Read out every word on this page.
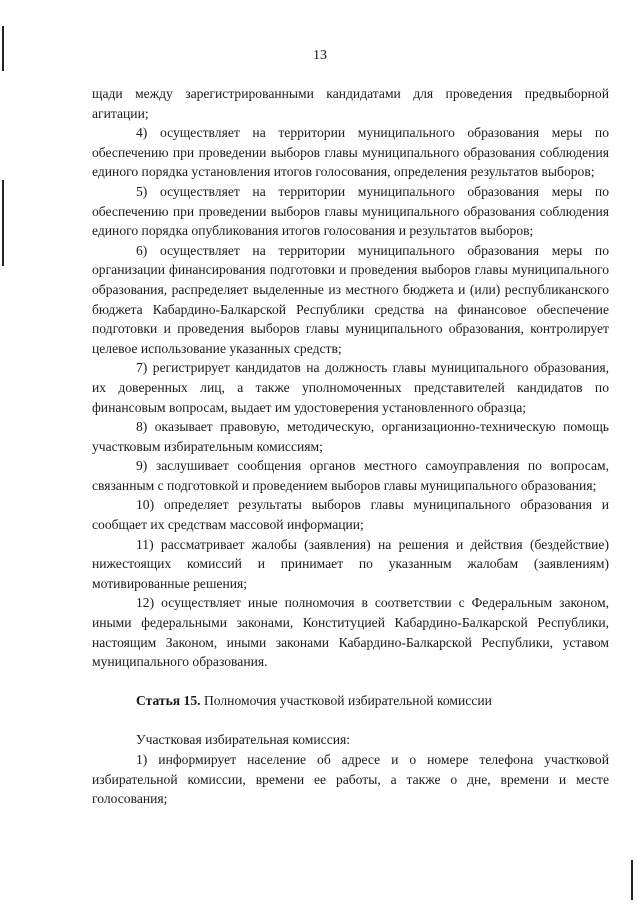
13

щади между зарегистрированными кандидатами для проведения предвыборной агитации;

4) осуществляет на территории муниципального образования меры по обеспечению при проведении выборов главы муниципального образования соблюдения единого порядка установления итогов голосования, определения результатов выборов;

5) осуществляет на территории муниципального образования меры по обеспечению при проведении выборов главы муниципального образования соблюдения единого порядка опубликования итогов голосования и результатов выборов;

6) осуществляет на территории муниципального образования меры по организации финансирования подготовки и проведения выборов главы муниципального образования, распределяет выделенные из местного бюджета и (или) республиканского бюджета Кабардино-Балкарской Республики средства на финансовое обеспечение подготовки и проведения выборов главы муниципального образования, контролирует целевое использование указанных средств;

7) регистрирует кандидатов на должность главы муниципального образования, их доверенных лиц, а также уполномоченных представителей кандидатов по финансовым вопросам, выдает им удостоверения установленного образца;

8) оказывает правовую, методическую, организационно-техническую помощь участковым избирательным комиссиям;

9) заслушивает сообщения органов местного самоуправления по вопросам, связанным с подготовкой и проведением выборов главы муниципального образования;

10) определяет результаты выборов главы муниципального образования и сообщает их средствам массовой информации;

11) рассматривает жалобы (заявления) на решения и действия (бездействие) нижестоящих комиссий и принимает по указанным жалобам (заявлениям) мотивированные решения;

12) осуществляет иные полномочия в соответствии с Федеральным законом, иными федеральными законами, Конституцией Кабардино-Балкарской Республики, настоящим Законом, иными законами Кабардино-Балкарской Республики, уставом муниципального образования.

Статья 15. Полномочия участковой избирательной комиссии

Участковая избирательная комиссия:

1) информирует население об адресе и о номере телефона участковой избирательной комиссии, времени ее работы, а также о дне, времени и месте голосования;
